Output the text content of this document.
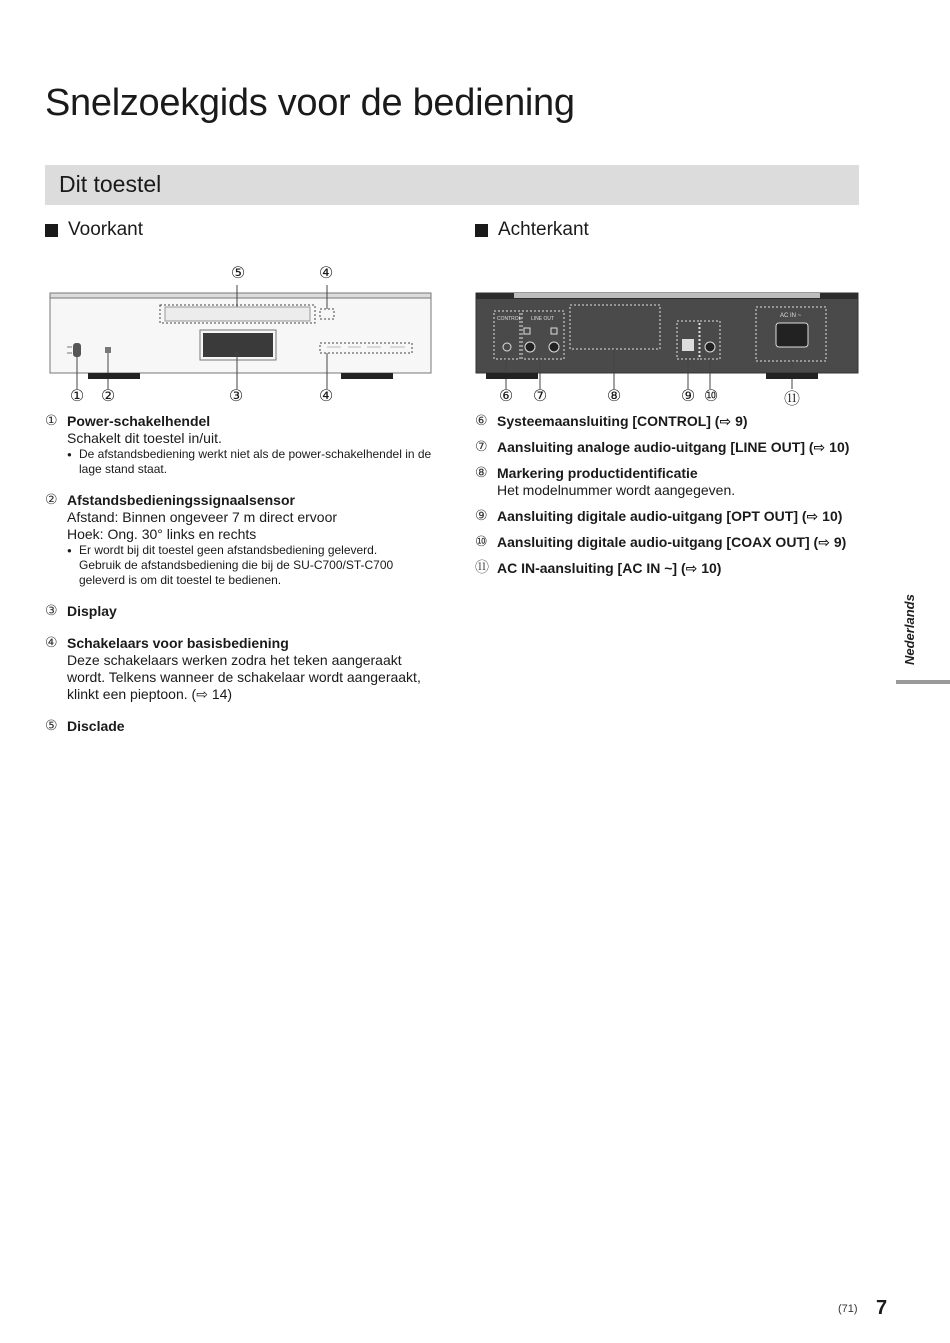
Snelzoekgids voor de bediening
Dit toestel
Voorkant	Achterkant
⑤	④
①	②	③	④
CONTROL LINE OUT	AC IN ~
⑥	⑦	⑧	⑨ ⑩	⑪
① Power-schakelhendel
Schakelt dit toestel in/uit.
● De afstandsbediening werkt niet als de power-schakelhendel in de lage stand staat.
② Afstandsbedieningssignaalsensor
Afstand: Binnen ongeveer 7 m direct ervoor
Hoek: Ong. 30° links en rechts
● Er wordt bij dit toestel geen afstandsbediening geleverd.
Gebruik de afstandsbediening die bij de SU-C700/ST-C700 geleverd is om dit toestel te bedienen.
③ Display
④ Schakelaars voor basisbediening
Deze schakelaars werken zodra het teken aangeraakt wordt. Telkens wanneer de schakelaar wordt aangeraakt, klinkt een pieptoon. (⇨ 14)
⑤ Disclade
⑥ Systeemaansluiting [CONTROL] (⇨ 9)
⑦ Aansluiting analoge audio-uitgang [LINE OUT] (⇨ 10)
⑧ Markering productidentificatie
Het modelnummer wordt aangegeven.
⑨ Aansluiting digitale audio-uitgang [OPT OUT] (⇨ 10)
⑩ Aansluiting digitale audio-uitgang [COAX OUT] (⇨ 9)
⑪ AC IN-aansluiting [AC IN ~] (⇨ 10)
Nederlands
(71) 7
